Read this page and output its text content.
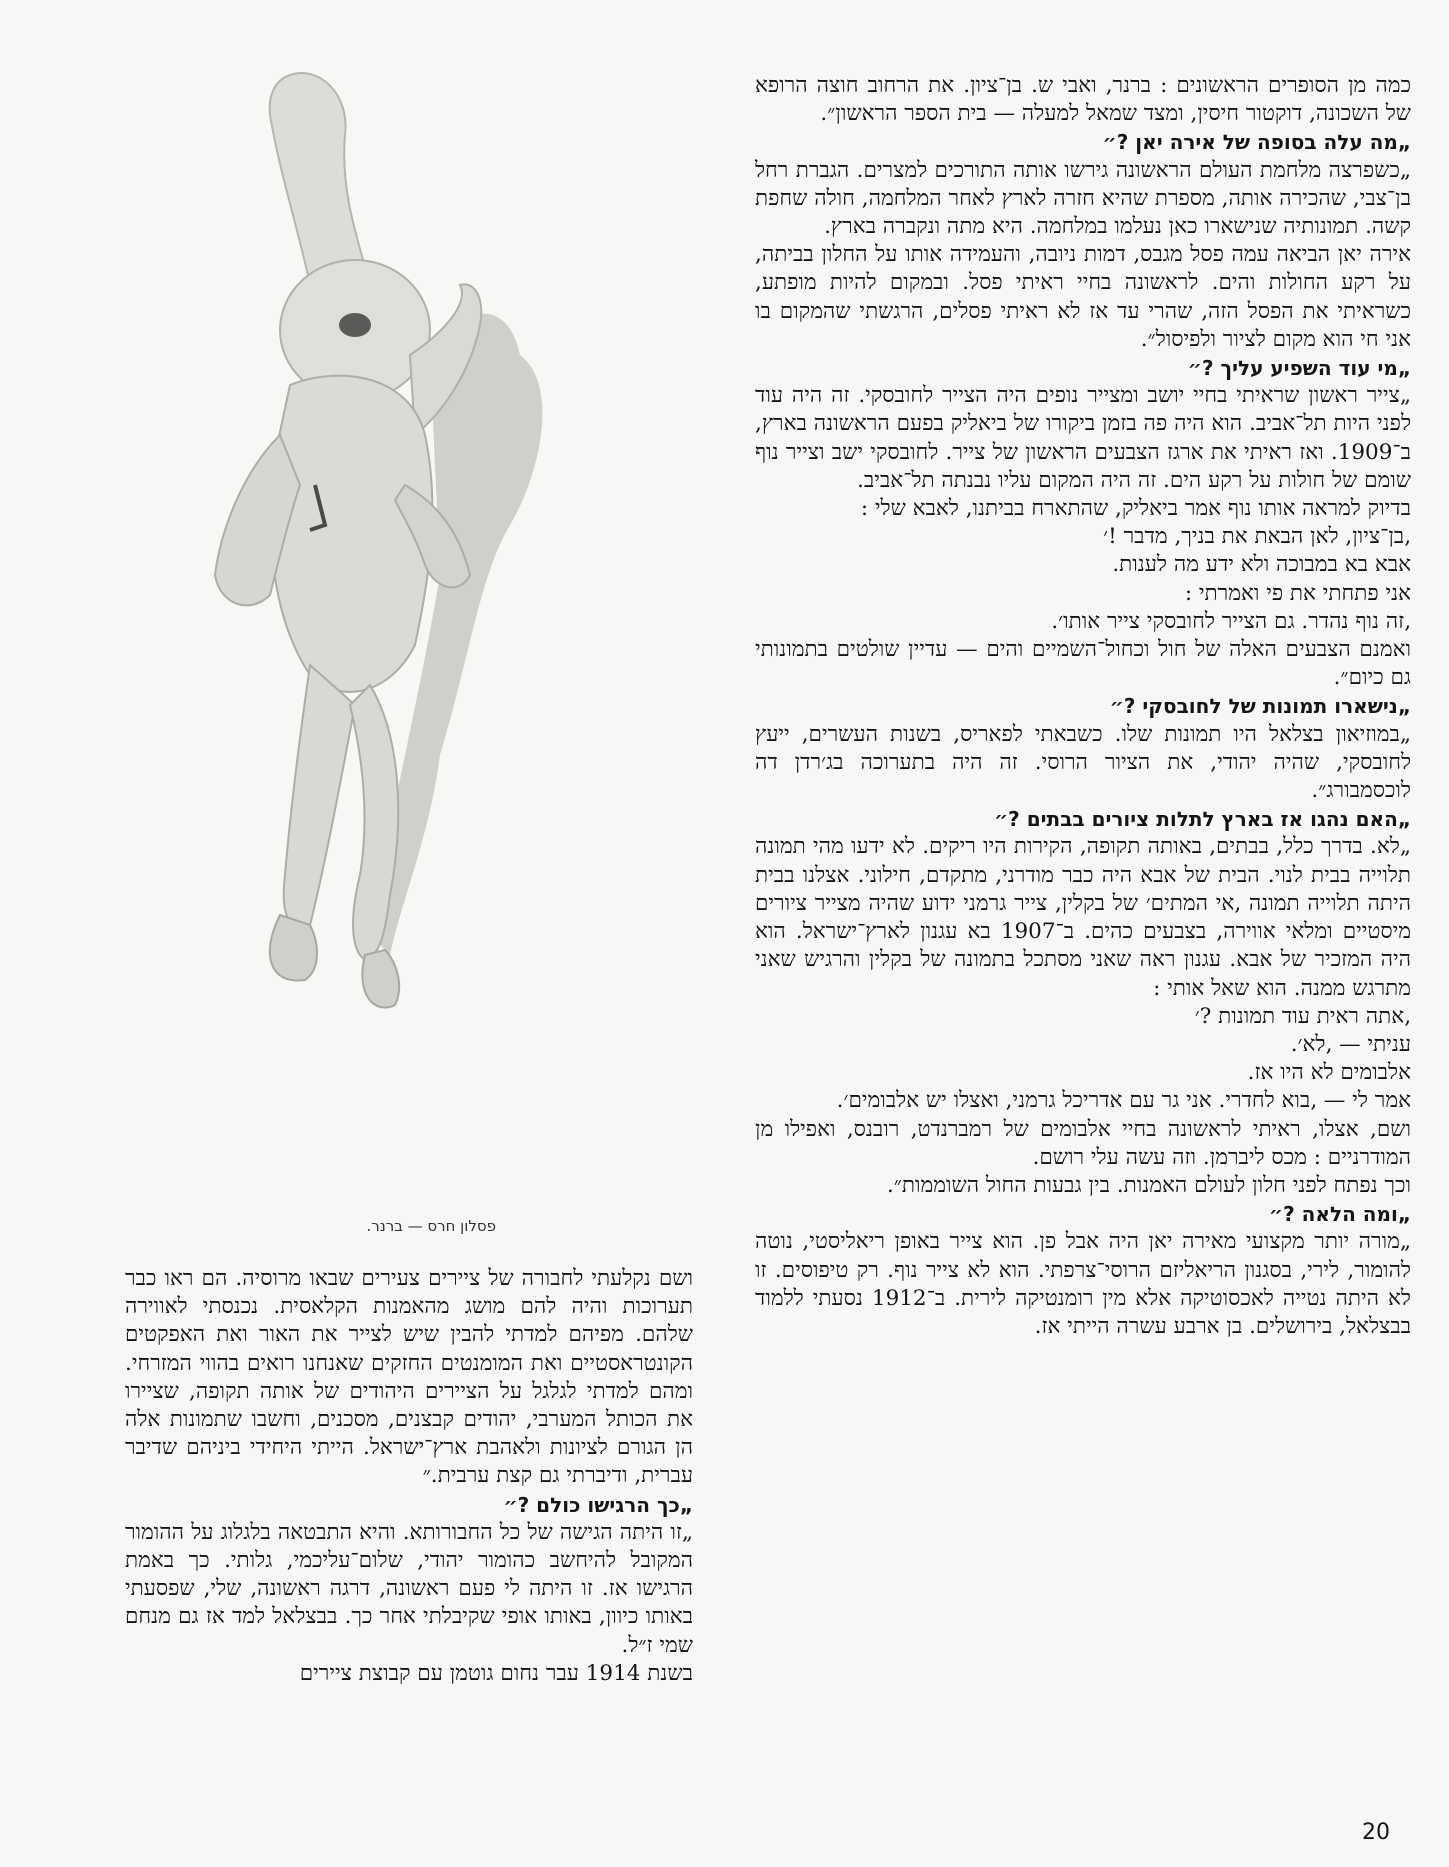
כמה מן הסופרים הראשונים : ברנר, ואבי ש. בן־ציון. את הרחוב חוצה הרופא של השכונה, דוקטור חיסין, ומצד שמאל למעלה — בית הספר הראשון״.

„מה עלה בסופה של אירה יאן ?״

„כשפרצה מלחמת העולם הראשונה גירשו אותה התורכים למצרים. הגברת רחל בן־צבי, שהכירה אותה, מספרת שהיא חזרה לארץ לאחר המלחמה, חולה שחפת קשה. תמונותיה שנישארו כאן נעלמו במלחמה. היא מתה ונקברה בארץ.

אירה יאן הביאה עמה פסל מגבס, דמות ניובה, והעמידה אותו על החלון בביתה, על רקע החולות והים. לראשונה בחיי ראיתי פסל. ובמקום להיות מופתע, כשראיתי את הפסל הזה, שהרי עד אז לא ראיתי פסלים, הרגשתי שהמקום בו אני חי הוא מקום לציור ולפיסול״.

„מי עוד השפיע עליך ?״

„צייר ראשון שראיתי בחיי יושב ומצייר נופים היה הצייר לחובסקי. זה היה עוד לפני היות תל־אביב. הוא היה פה בזמן ביקורו של ביאליק בפעם הראשונה בארץ, ב־1909. ואז ראיתי את ארגז הצבעים הראשון של צייר. לחובסקי ישב וצייר נוף שומם של חולות על רקע הים. זה היה המקום עליו נבנתה תל־אביב.

בדיוק למראה אותו נוף אמר ביאליק, שהתארח בביתנו, לאבא שלי :

‚בן־ציון, לאן הבאת את בניך, מדבר !׳

אבא בא במבוכה ולא ידע מה לענות.

אני פתחתי את פי ואמרתי :

‚זה נוף נהדר. גם הצייר לחובסקי צייר אותו׳.

ואמנם הצבעים האלה של חול וכחול־השמיים והים — עדיין שולטים בתמונותי גם כיום״.

„נישארו תמונות של לחובסקי ?״

„במוזיאון בצלאל היו תמונות שלו. כשבאתי לפאריס, בשנות העשרים, ייעץ לחובסקי, שהיה יהודי, את הציור הרוסי. זה היה בתערוכה בג׳רדן דה לוכסמבורג״.

„האם נהגו אז בארץ לתלות ציורים בבתים ?״

„לא. בדרך כלל, בבתים, באותה תקופה, הקירות היו ריקים. לא ידעו מהי תמונה תלוייה בבית לנוי. הבית של אבא היה כבר מודרני, מתקדם, חילוני. אצלנו בבית היתה תלוייה תמונה ‚אי המתים׳ של בקלין, צייר גרמני ידוע שהיה מצייר ציורים מיסטיים ומלאי אווירה, בצבעים כהים. ב־1907 בא עגנון לארץ־ישראל. הוא היה המזכיר של אבא. עגנון ראה שאני מסתכל בתמונה של בקלין והרגיש שאני מתרגש ממנה. הוא שאל אותי :

‚אתה ראית עוד תמונות ?׳

עניתי — ‚לא׳.

אלבומים לא היו אז.

אמר לי — ‚בוא לחדרי. אני גר עם אדריכל גרמני, ואצלו יש אלבומים׳.

ושם, אצלו, ראיתי לראשונה בחיי אלבומים של רמברנדט, רובנס, ואפילו מן המודרניים : מכס ליברמן. וזה עשה עלי רושם.

וכך נפתח לפני חלון לעולם האמנות. בין גבעות החול השוממות״.

„ומה הלאה ?״

„מורה יותר מקצועי מאירה יאן היה אבל פן. הוא צייר באופן ריאליסטי, נוטה להומור, לירי, בסגנון הריאליזם הרוסי־צרפתי. הוא לא צייר נוף. רק טיפוסים. זו לא היתה נטייה לאכסוטיקה אלא מין רומנטיקה לירית. ב־1912 נסעתי ללמוד בבצלאל, בירושלים. בן ארבע עשרה הייתי אז.

פסלון חרס — ברנר.

ושם נקלעתי לחבורה של ציירים צעירים שבאו מרוסיה. הם ראו כבר תערוכות והיה להם מושג מהאמנות הקלאסית. נכנסתי לאווירה שלהם. מפיהם למדתי להבין שיש לצייר את האור ואת האפקטים הקונטראסטיים ואת המומנטים החזקים שאנחנו רואים בהווי המזרחי. ומהם למדתי לגלגל על הציירים היהודים של אותה תקופה, שציירו את הכותל המערבי, יהודים קבצנים, מסכנים, וחשבו שתמונות אלה הן הגורם לציונות ולאהבת ארץ־ישראל. הייתי היחידי ביניהם שדיבר עברית, ודיברתי גם קצת ערבית.״

„כך הרגישו כולם ?״

„זו היתה הגישה של כל החבורותא. והיא התבטאה בלגלוג על ההומור המקובל להיחשב כהומור יהודי, שלום־עליכמי, גלותי. כך באמת הרגישו אז. זו היתה לי פעם ראשונה, דרגה ראשונה, שלי, שפסעתי באותו כיוון, באותו אופי שקיבלתי אחר כך. בבצלאל למד אז גם מנחם שמי ז״ל.

בשנת 1914 עבר נחום גוטמן עם קבוצת ציירים

20
